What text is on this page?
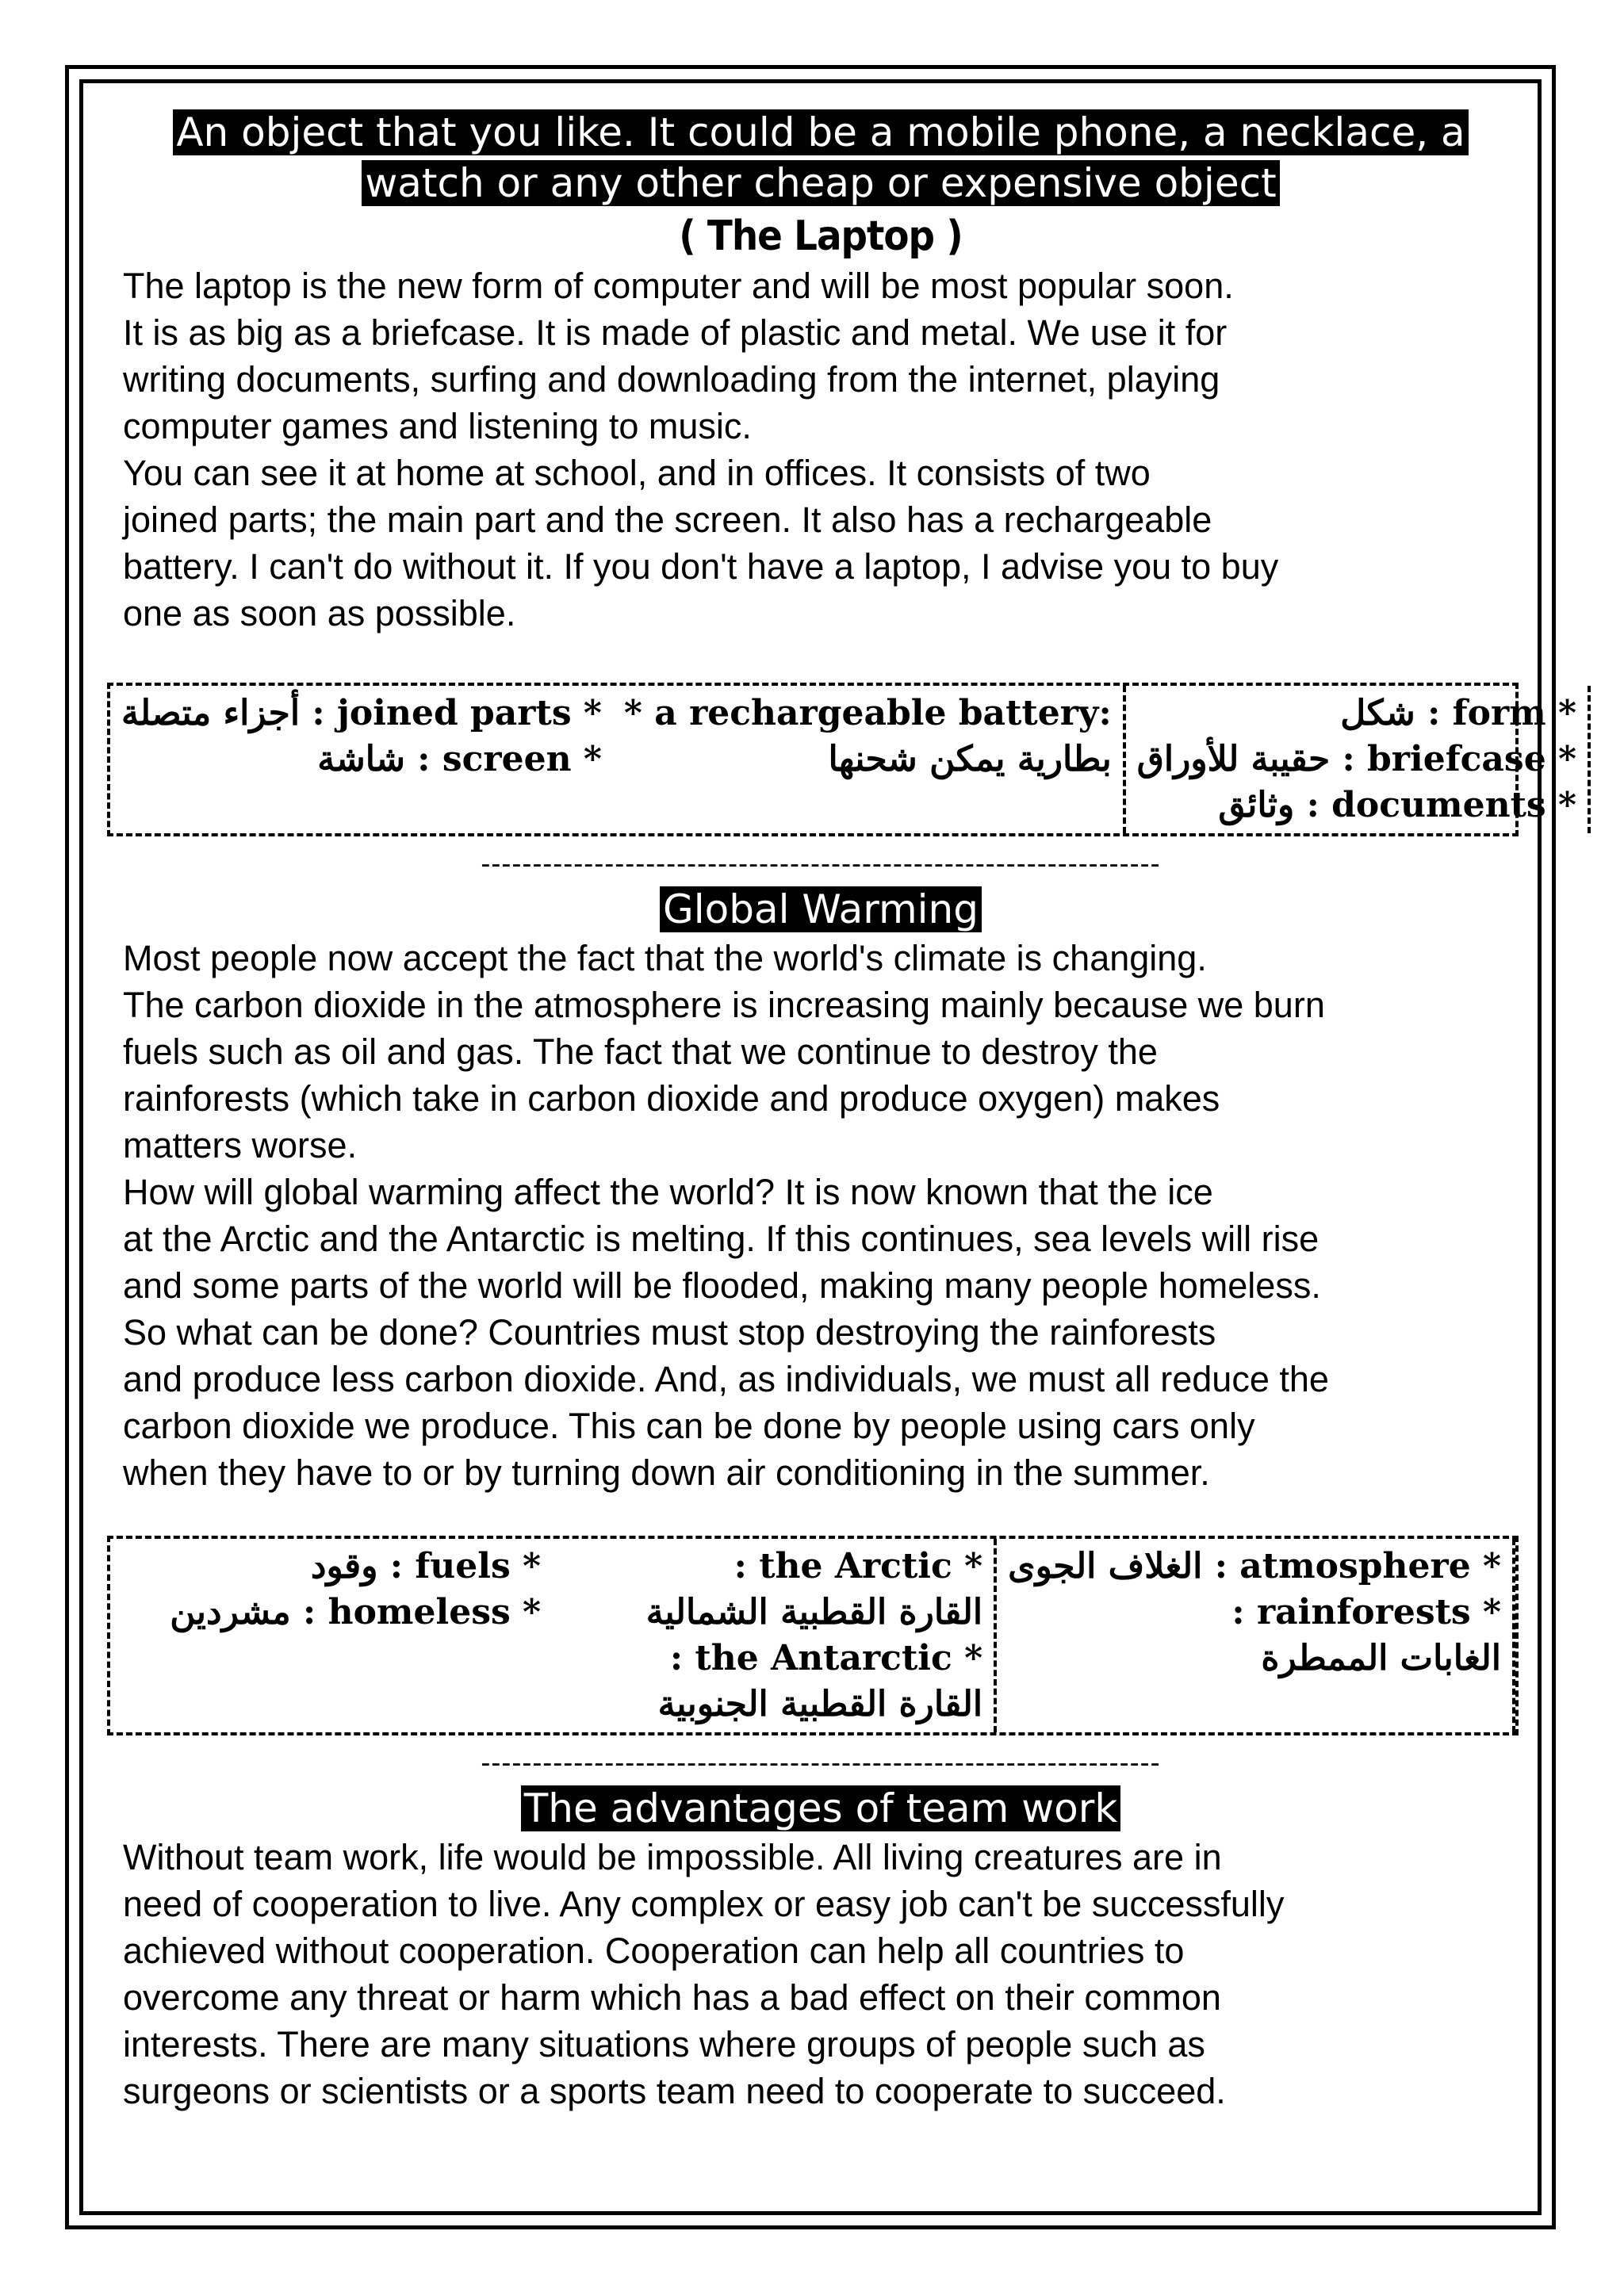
An object that you like. It could be a mobile phone, a necklace, a
watch or any other cheap or expensive object
( The Laptop )

The laptop is the new form of computer and will be most popular soon.
It is as big as a briefcase. It is made of plastic and metal. We use it for
writing documents, surfing and downloading from the internet, playing
computer games and listening to music.
You can see it at home at school, and in offices. It consists of two
joined parts; the main part and the screen. It also has a rechargeable
battery. I can't do without it. If you don't have a laptop, I advise you to buy
one as soon as possible.

* joined parts : أجزاء متصلة
* screen : شاشة
* a rechargeable battery:
بطارية يمكن شحنها
* form : شكل
* briefcase : حقيبة للأوراق
* documents : وثائق
------------------------------------------------------------------
Global Warming

Most people now accept the fact that the world's climate is changing.
The carbon dioxide in the atmosphere is increasing mainly because we burn
fuels such as oil and gas. The fact that we continue to destroy the
rainforests (which take in carbon dioxide and produce oxygen) makes
matters worse.
How will global warming affect the world? It is now known that the ice
at the Arctic and the Antarctic is melting. If this continues, sea levels will rise
and some parts of the world will be flooded, making many people homeless.
So what can be done? Countries must stop destroying the rainforests
and produce less carbon dioxide. And, as individuals, we must all reduce the
carbon dioxide we produce. This can be done by people using cars only
when they have to or by turning down air conditioning in the summer.

* fuels : وقود
* homeless : مشردين
* the Arctic :
القارة القطبية الشمالية
* the Antarctic :
القارة القطبية الجنوبية
* atmosphere : الغلاف الجوى
* rainforests :
الغابات الممطرة
------------------------------------------------------------------
The advantages of team work

Without team work, life would be impossible. All living creatures are in
need of cooperation to live. Any complex or easy job can't be successfully
achieved without cooperation. Cooperation can help all countries to
overcome any threat or harm which has a bad effect on their common
interests. There are many situations where groups of people such as
surgeons or scientists or a sports team need to cooperate to succeed.
